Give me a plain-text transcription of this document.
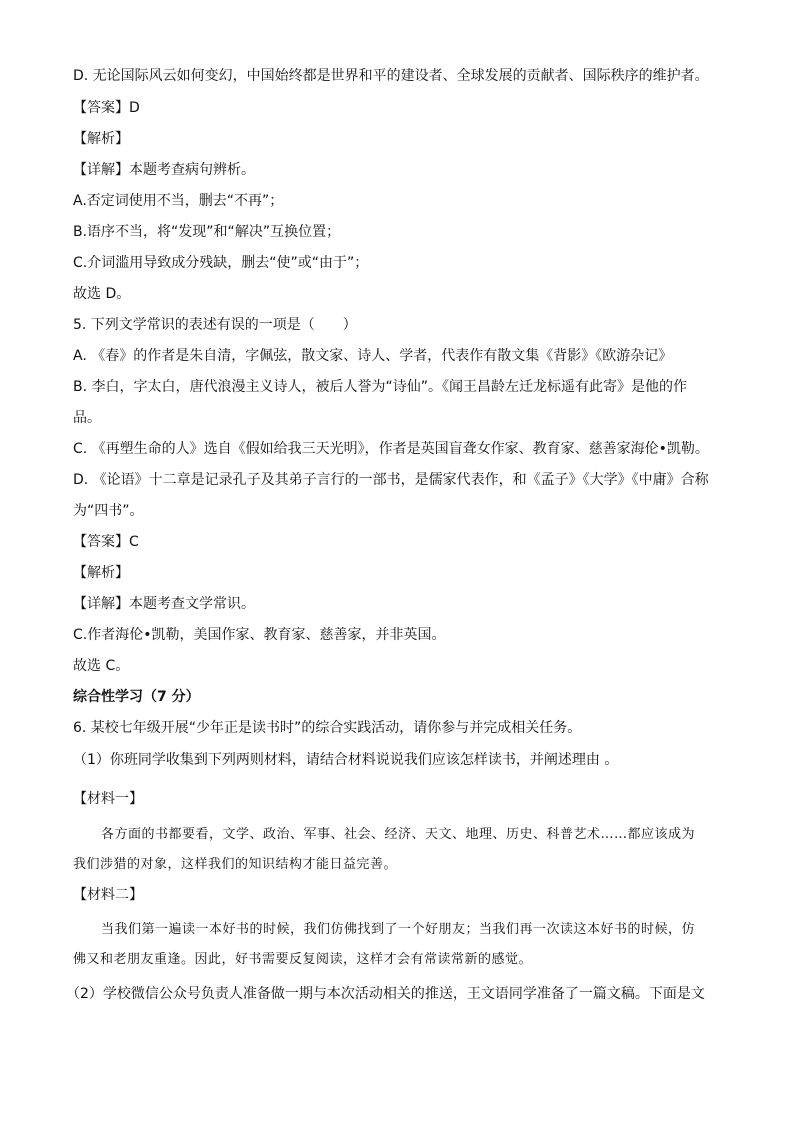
D. 无论国际风云如何变幻，中国始终都是世界和平的建设者、全球发展的贡献者、国际秩序的维护者。
【答案】D
【解析】
【详解】本题考查病句辨析。
A.否定词使用不当，删去“不再”；
B.语序不当，将“发现”和“解决”互换位置；
C.介词滥用导致成分残缺，删去“使”或“由于”；
故选 D。
5. 下列文学常识的表述有误的一项是（　　）
A. 《春》的作者是朱自清，字佩弦，散文家、诗人、学者，代表作有散文集《背影》《欧游杂记》
B. 李白，字太白，唐代浪漫主义诗人，被后人誉为“诗仙”。《闻王昌龄左迁龙标遥有此寄》是他的作
品。
C. 《再塑生命的人》选自《假如给我三天光明》，作者是英国盲聋女作家、教育家、慈善家海伦•凯勒。
D. 《论语》十二章是记录孔子及其弟子言行的一部书，是儒家代表作，和《孟子》《大学》《中庸》合称
为“四书”。
【答案】C
【解析】
【详解】本题考查文学常识。
C.作者海伦•凯勒，美国作家、教育家、慈善家，并非英国。
故选 C。
综合性学习（7 分）
6. 某校七年级开展“少年正是读书时”的综合实践活动，请你参与并完成相关任务。
（1）你班同学收集到下列两则材料，请结合材料说说我们应该怎样读书，并阐述理由 。
【材料一】
各方面的书都要看，文学、政治、军事、社会、经济、天文、地理、历史、科普艺术……都应该成为
我们涉猎的对象，这样我们的知识结构才能日益完善。
【材料二】
当我们第一遍读一本好书的时候，我们仿佛找到了一个好朋友；当我们再一次读这本好书的时候，仿
佛又和老朋友重逢。因此，好书需要反复阅读，这样才会有常读常新的感觉。
（2）学校微信公众号负责人准备做一期与本次活动相关的推送，王文语同学准备了一篇文稿。下面是文
